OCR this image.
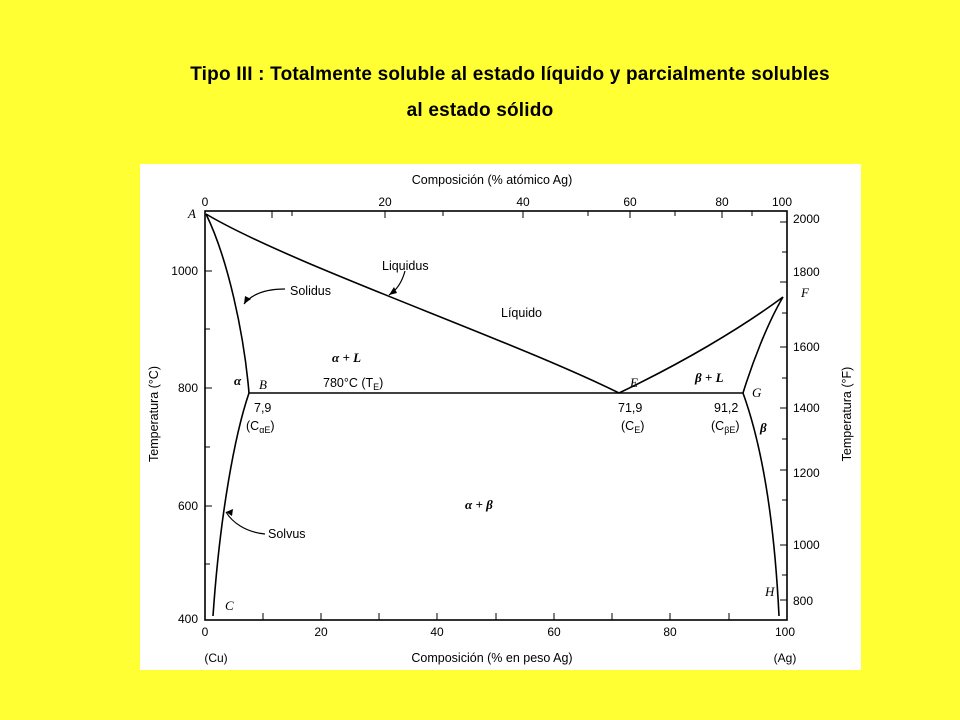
Tipo III : Totalmente soluble al estado líquido y parcialmente solubles
al estado sólido
Composición (% atómico Ag)
Composición (% en peso Ag)
Temperatura (°C)	Temperatura (°F)
0	20	40	60	80	100
0	20	40	60	80	100
(Cu)	(Ag)
1000
800
600
400
2000
1800
1600
1400
1200
1000
800
A
Liquidus
Solidus
Líquido
α + L
β + L
α
β
α + β
B	E
G
F
C
H
780°C $(T_E)$
7,9
$(C_{\alpha E})$
71,9
$(C_E)$
91,2
$(C_{\beta E})$
Solvus
